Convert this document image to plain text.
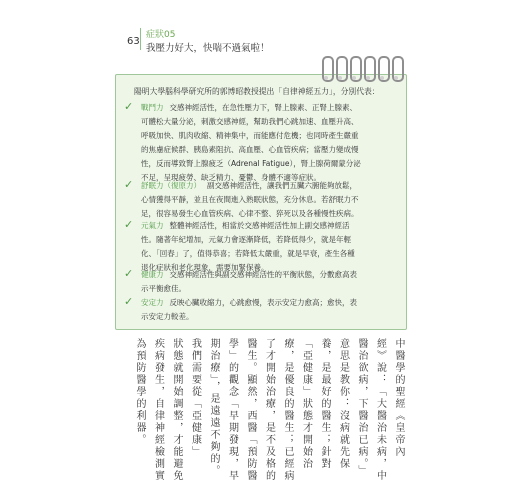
63
症狀05
我壓力好大，快喘不過氣啦！
陽明大學腦科學研究所的郭博昭教授提出「自律神經五力」，分別代表：
✓	戰鬥力 交感神經活性，在急性壓力下，腎上腺素、正腎上腺素、
可體松大量分泌，刺激交感神經，幫助我們心跳加速、血壓升高、
呼吸加快、肌肉收縮、精神集中，而能應付危機；也同時產生嚴重
的焦慮症候群、胰島素阻抗、高血壓、心血管疾病；當壓力變成慢
性，反而導致腎上腺疲乏（Adrenal Fatigue），腎上腺荷爾蒙分泌
不足，呈現疲勞、缺乏精力、憂鬱、身體不適等症狀。
✓	舒眠力（復原力） 副交感神經活性，讓我們五臟六腑能夠放鬆，
心情獲得平靜，並且在夜間進入熟眠狀態，充分休息。若舒眠力不
足，很容易發生心血管疾病、心律不整、猝死以及各種慢性疾病。
✓	元氣力 整體神經活性，相當於交感神經活性加上副交感神經活
性。隨著年紀增加，元氣力會逐漸降低，若降低得少，就是年輕
化、「回春」了，值得恭喜；若降低太嚴重，就是早衰，產生各種
退化症狀和老化現象，需要加緊保養。
✓	健康力 交感神經活性與副交感神經活性的平衡狀態，分數愈高表
示平衡愈佳。
✓	安定力 反映心臟收縮力，心跳愈慢，表示安定力愈高；愈快，表
示安定力較差。
中醫學的聖經《皇帝內
經》說：「大醫治未病，中
醫治欲病，下醫治已病。」
意思是教你：沒病就先保
養，是最好的醫生；針對
「亞健康」狀態才開始治
療，是優良的醫生；已經病
了才開始治療，是不及格的
醫生。顯然，西醫「預防醫
學」的觀念「早期發現，早
期治療」，是遠遠不夠的。
我們需要從「亞健康」
狀態就開始調整，才能避免
疾病發生，自律神經檢測實
為預防醫學的利器。
